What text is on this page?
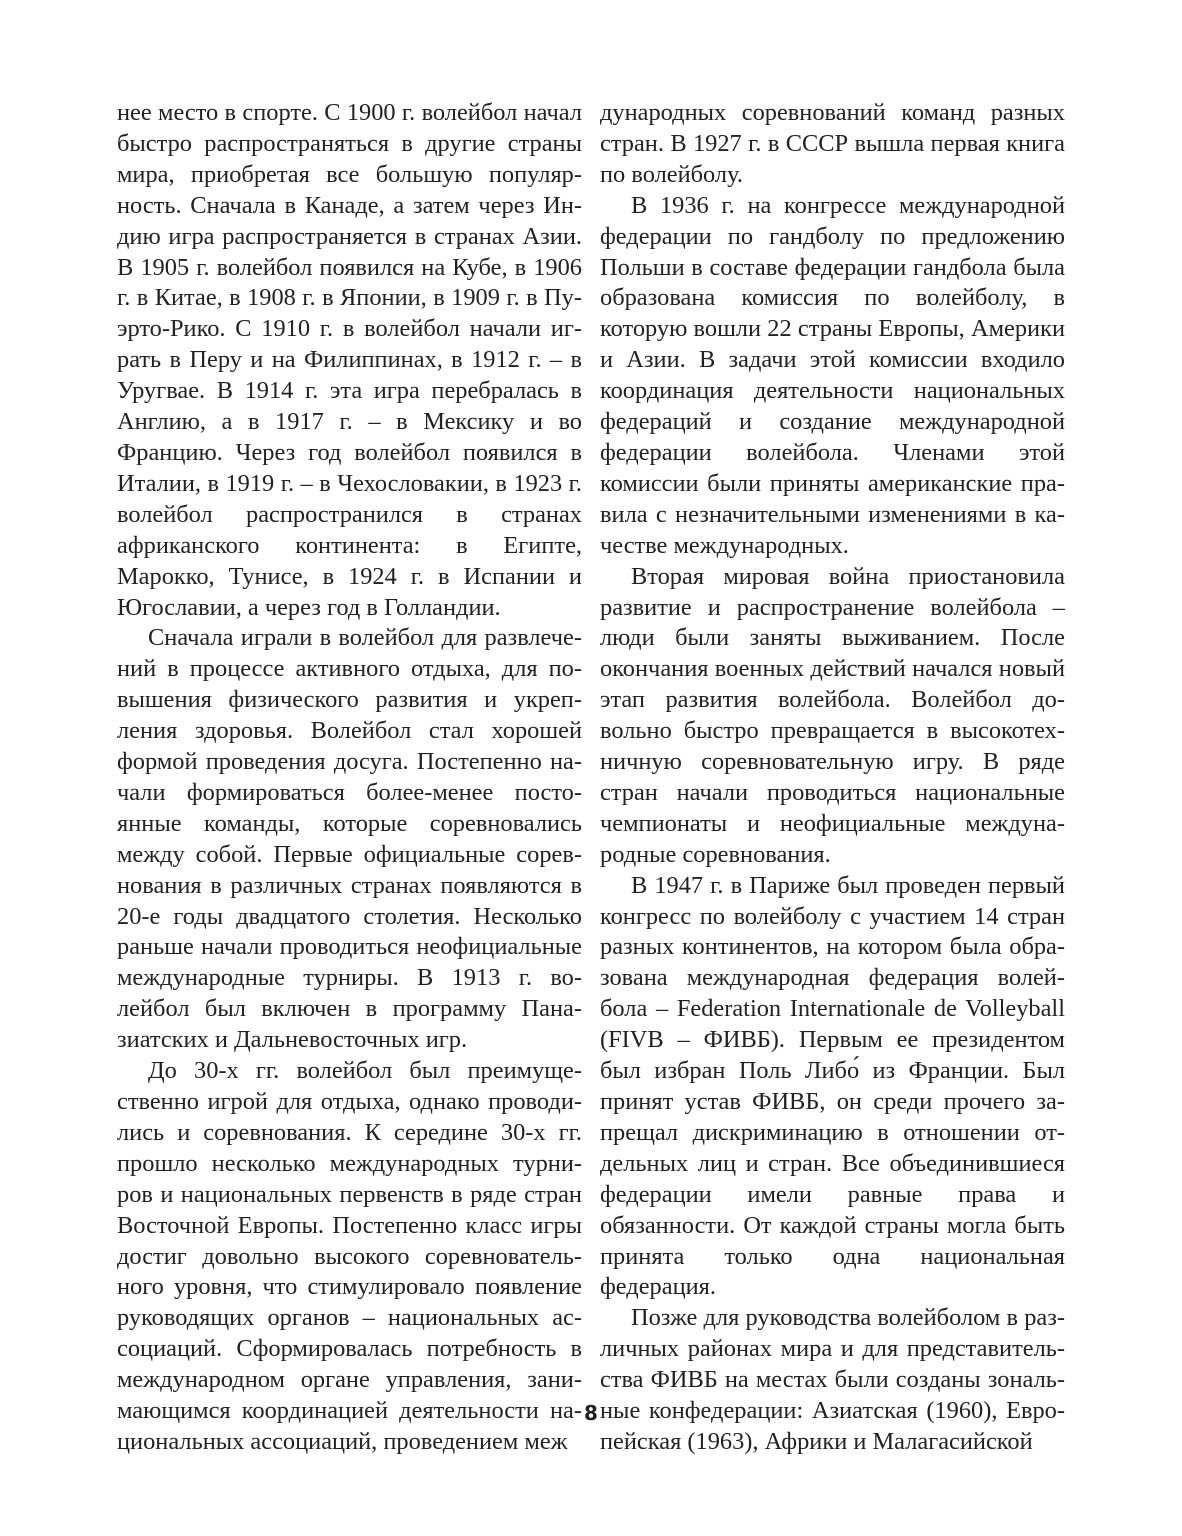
нее место в спорте. С 1900 г. волейбол начал быстро распространяться в другие страны мира, приобретая все большую популярность. Сначала в Канаде, а затем через Индию игра распространяется в странах Азии. В 1905 г. волейбол появился на Кубе, в 1906 г. в Китае, в 1908 г. в Японии, в 1909 г. в Пуэрто-Рико. С 1910 г. в волейбол начали играть в Перу и на Филиппинах, в 1912 г. – в Уругвае. В 1914 г. эта игра перебралась в Англию, а в 1917 г. – в Мексику и во Францию. Через год волейбол появился в Италии, в 1919 г. – в Чехословакии, в 1923 г. волейбол распространился в странах африканского континента: в Египте, Марокко, Тунисе, в 1924 г. в Испании и Югославии, а через год в Голландии.

Сначала играли в волейбол для развлечений в процессе активного отдыха, для повышения физического развития и укрепления здоровья. Волейбол стал хорошей формой проведения досуга. Постепенно начали формироваться более-менее постоянные команды, которые соревновались между собой. Первые официальные соревнования в различных странах появляются в 20-е годы двадцатого столетия. Несколько раньше начали проводиться неофициальные международные турниры. В 1913 г. волейбол был включен в программу Паназиатских и Дальневосточных игр.

До 30-х гг. волейбол был преимущественно игрой для отдыха, однако проводились и соревнования. К середине 30-х гг. прошло несколько международных турниров и национальных первенств в ряде стран Восточной Европы. Постепенно класс игры достиг довольно высокого соревновательного уровня, что стимулировало появление руководящих органов – национальных ассоциаций. Сформировалась потребность в международном органе управления, занимающимся координацией деятельности национальных ассоциаций, проведением меж

дународных соревнований команд разных стран. В 1927 г. в СССР вышла первая книга по волейболу.

В 1936 г. на конгрессе международной федерации по гандболу по предложению Польши в составе федерации гандбола была образована комиссия по волейболу, в которую вошли 22 страны Европы, Америки и Азии. В задачи этой комиссии входило координация деятельности национальных федераций и создание международной федерации волейбола. Членами этой комиссии были приняты американские правила с незначительными изменениями в качестве международных.

Вторая мировая война приостановила развитие и распространение волейбола – люди были заняты выживанием. После окончания военных действий начался новый этап развития волейбола. Волейбол довольно быстро превращается в высокотехничную соревновательную игру. В ряде стран начали проводиться национальные чемпионаты и неофициальные международные соревнования.

В 1947 г. в Париже был проведен первый конгресс по волейболу с участием 14 стран разных континентов, на котором была образована международная федерация волейбола – Federation Internationale de Volleyball (FIVB – ФИВБ). Первым ее президентом был избран Поль Либо́ из Франции. Был принят устав ФИВБ, он среди прочего запрещал дискриминацию в отношении отдельных лиц и стран. Все объединившиеся федерации имели равные права и обязанности. От каждой страны могла быть принята только одна национальная федерация.

Позже для руководства волейболом в различных районах мира и для представительства ФИВБ на местах были созданы зональные конфедерации: Азиатская (1960), Европейская (1963), Африки и Малагасийской

8
